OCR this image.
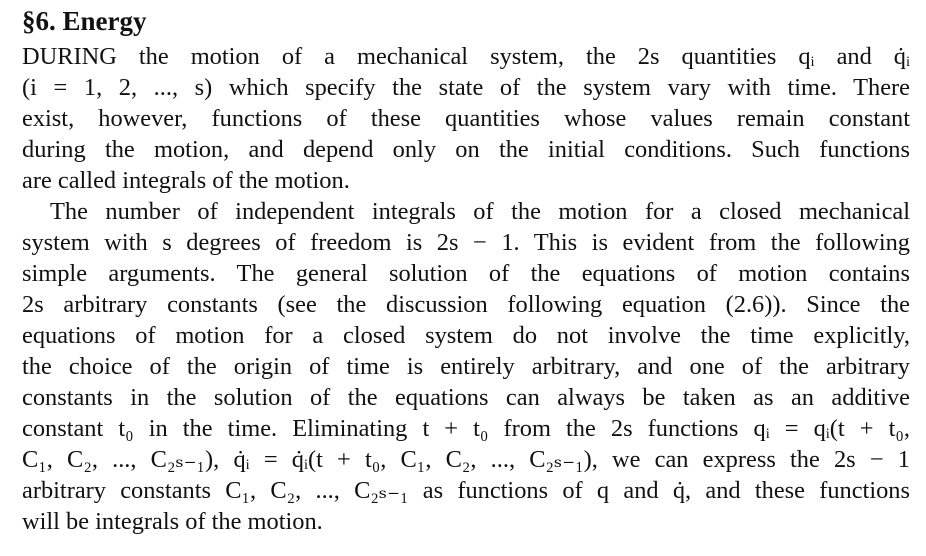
§6. Energy
DURING the motion of a mechanical system, the 2s quantities qᵢ and q̇ᵢ
(i = 1, 2, ..., s) which specify the state of the system vary with time. There
exist, however, functions of these quantities whose values remain constant
during the motion, and depend only on the initial conditions. Such functions
are called integrals of the motion.
The number of independent integrals of the motion for a closed mechanical
system with s degrees of freedom is 2s − 1. This is evident from the following
simple arguments. The general solution of the equations of motion contains
2s arbitrary constants (see the discussion following equation (2.6)). Since the
equations of motion for a closed system do not involve the time explicitly,
the choice of the origin of time is entirely arbitrary, and one of the arbitrary
constants in the solution of the equations can always be taken as an additive
constant t₀ in the time. Eliminating t + t₀ from the 2s functions qᵢ = qᵢ(t + t₀,
C₁, C₂, ..., C₂ₛ₋₁), q̇ᵢ = q̇ᵢ(t + t₀, C₁, C₂, ..., C₂ₛ₋₁), we can express the 2s − 1
arbitrary constants C₁, C₂, ..., C₂ₛ₋₁ as functions of q and q̇, and these functions
will be integrals of the motion.
